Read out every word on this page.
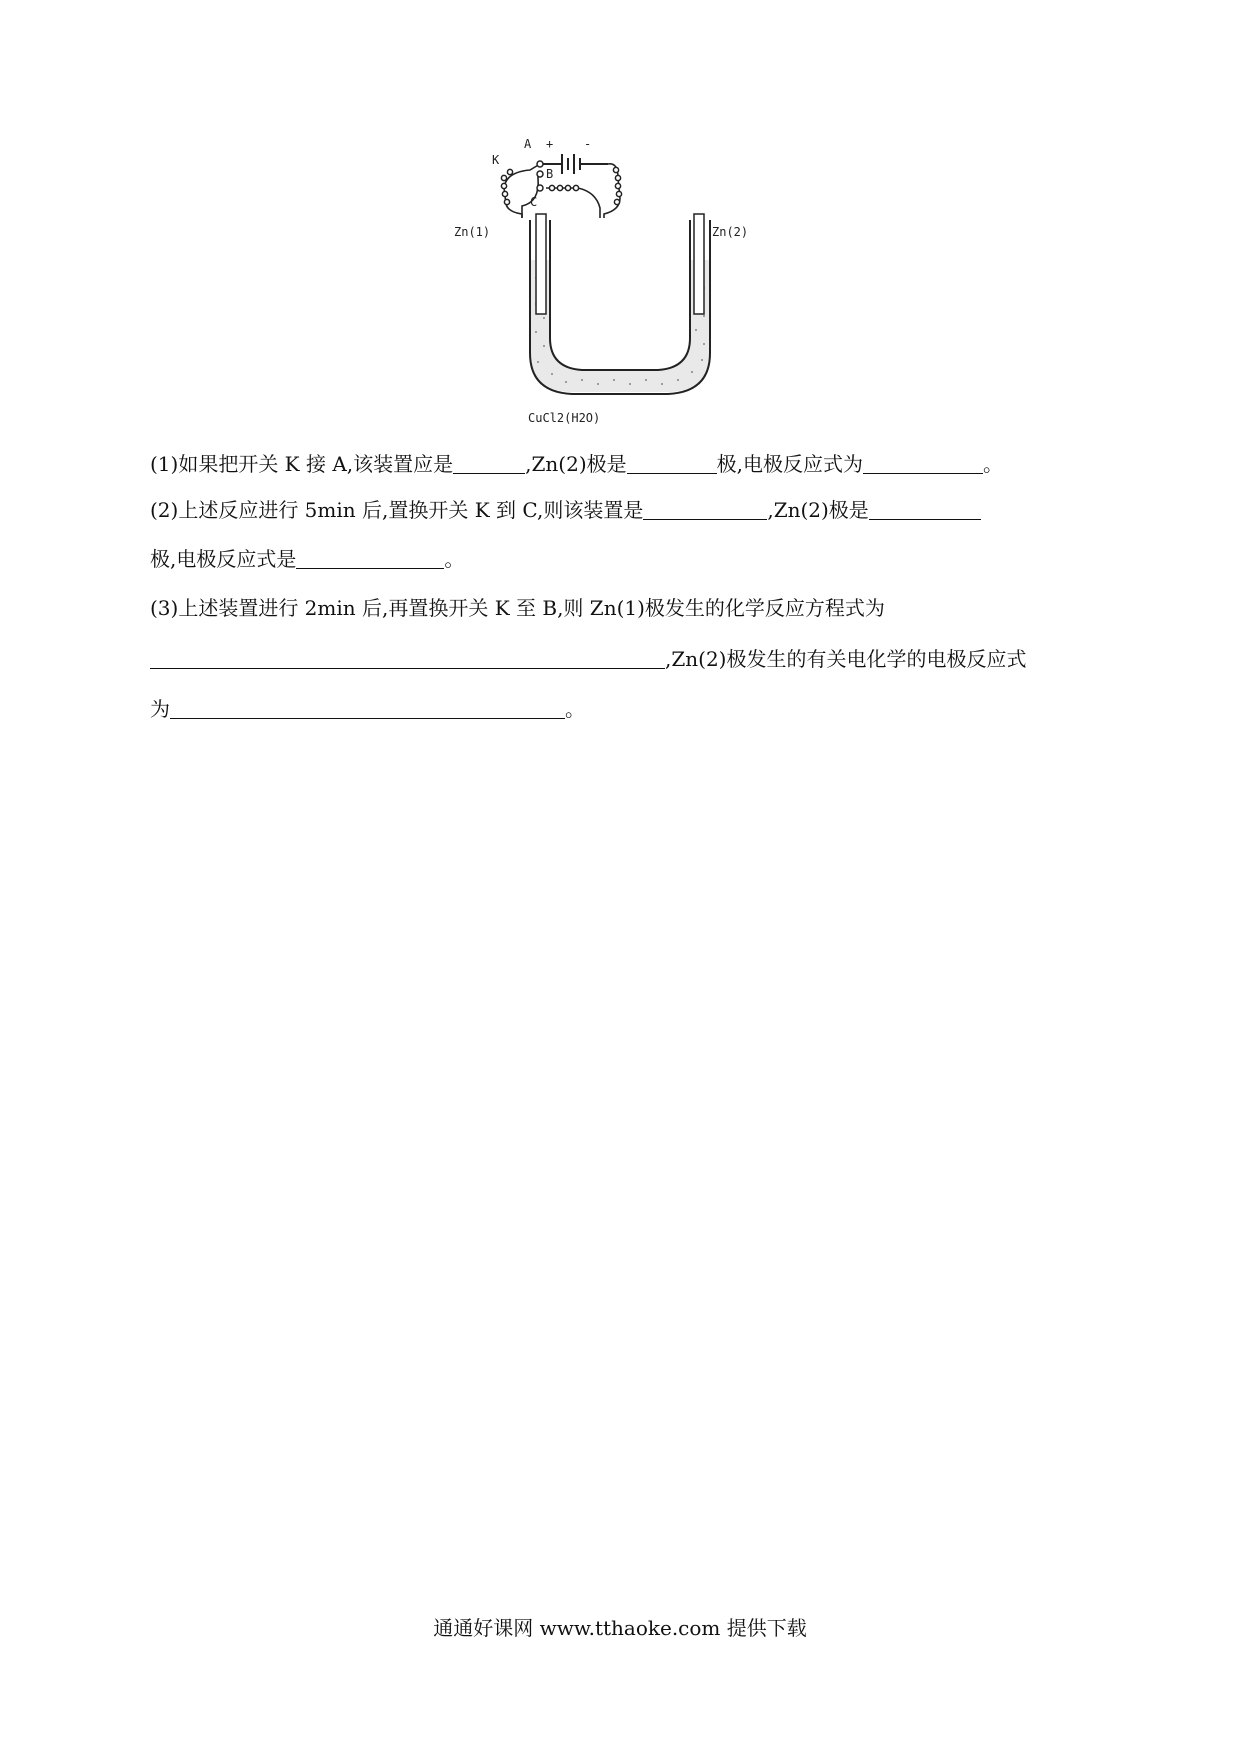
K
A +	-
B
C
Zn(1)	Zn(2)
CuCl2(H2O)
(1)如果把开关 K 接 A,该装置应是	,Zn(2)极是	极,电极反应式为	。
(2)上述反应进行 5min 后,置换开关 K 到 C,则该装置是	,Zn(2)极是
极,电极反应式是	。
(3)上述装置进行 2min 后,再置换开关 K 至 B,则 Zn(1)极发生的化学反应方程式为
,Zn(2)极发生的有关电化学的电极反应式
为	。
通通好课网 www.tthaoke.com 提供下载
